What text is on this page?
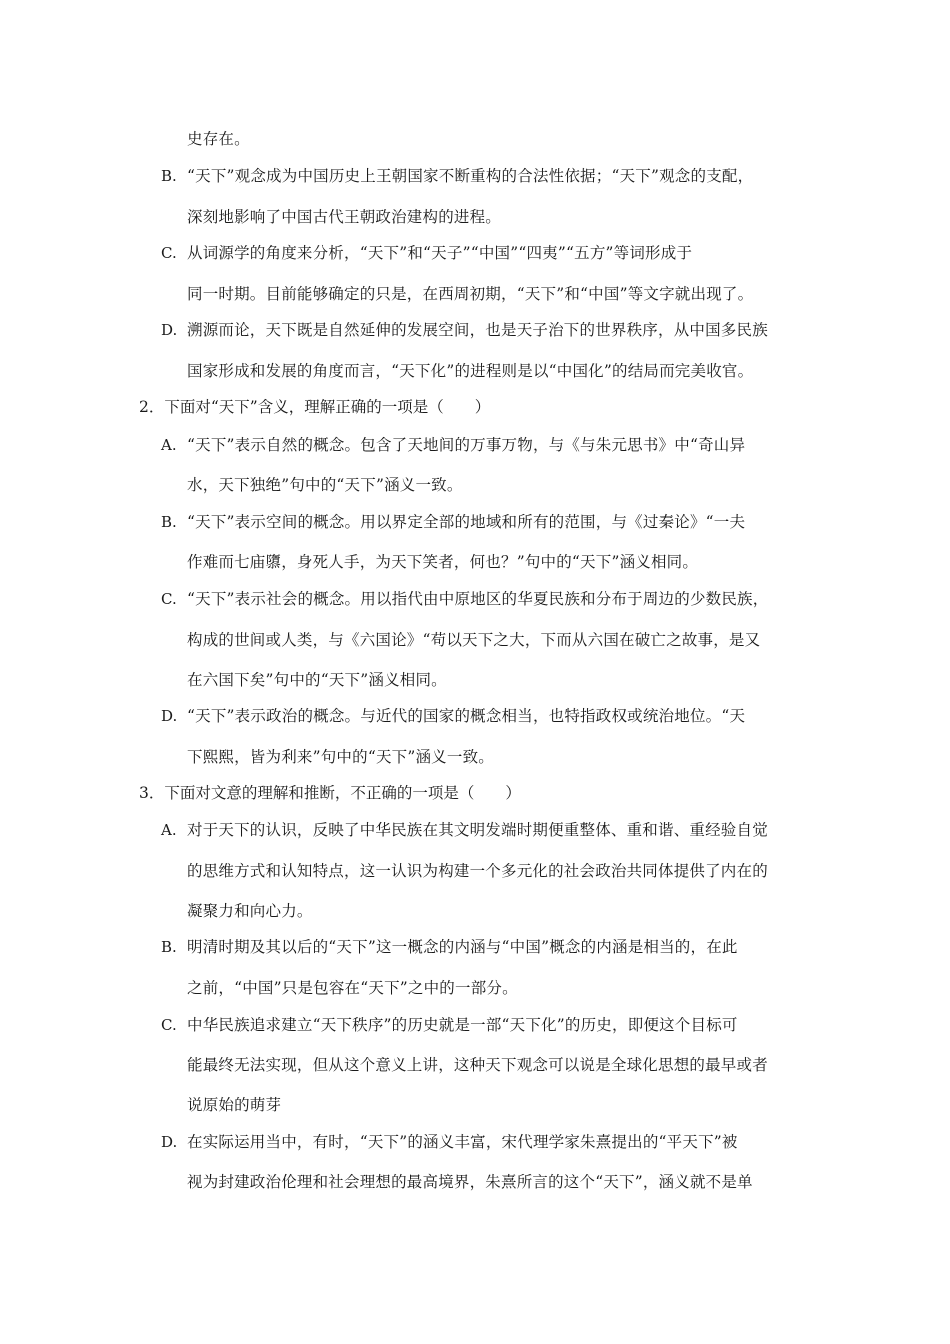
史存在。
B. “天下”观念成为中国历史上王朝国家不断重构的合法性依据；“天下”观念的支配，
深刻地影响了中国古代王朝政治建构的进程。
C. 从词源学的角度来分析，“天下”和“天子”“中国”“四夷”“五方”等词形成于
同一时期。目前能够确定的只是，在西周初期，“天下”和“中国”等文字就出现了。
D. 溯源而论，天下既是自然延伸的发展空间，也是天子治下的世界秩序，从中国多民族
国家形成和发展的角度而言，“天下化”的进程则是以“中国化”的结局而完美收官。
2．下面对“天下”含义，理解正确的一项是（　　）
A. “天下”表示自然的概念。包含了天地间的万事万物，与《与朱元思书》中“奇山异
水，天下独绝”句中的“天下”涵义一致。
B. “天下”表示空间的概念。用以界定全部的地域和所有的范围，与《过秦论》“一夫
作难而七庙隳，身死人手，为天下笑者，何也？”句中的“天下”涵义相同。
C. “天下”表示社会的概念。用以指代由中原地区的华夏民族和分布于周边的少数民族，
构成的世间或人类，与《六国论》“苟以天下之大，下而从六国在破亡之故事，是又
在六国下矣”句中的“天下”涵义相同。
D. “天下”表示政治的概念。与近代的国家的概念相当，也特指政权或统治地位。“天
下熙熙，皆为利来”句中的“天下”涵义一致。
3．下面对文意的理解和推断，不正确的一项是（　　）
A. 对于天下的认识，反映了中华民族在其文明发端时期便重整体、重和谐、重经验自觉
的思维方式和认知特点，这一认识为构建一个多元化的社会政治共同体提供了内在的
凝聚力和向心力。
B. 明清时期及其以后的“天下”这一概念的内涵与“中国”概念的内涵是相当的，在此
之前，“中国”只是包容在“天下”之中的一部分。
C. 中华民族追求建立“天下秩序”的历史就是一部“天下化”的历史，即便这个目标可
能最终无法实现，但从这个意义上讲，这种天下观念可以说是全球化思想的最早或者
说原始的萌芽
D. 在实际运用当中，有时，“天下”的涵义丰富，宋代理学家朱熹提出的“平天下”被
视为封建政治伦理和社会理想的最高境界，朱熹所言的这个“天下”，涵义就不是单
